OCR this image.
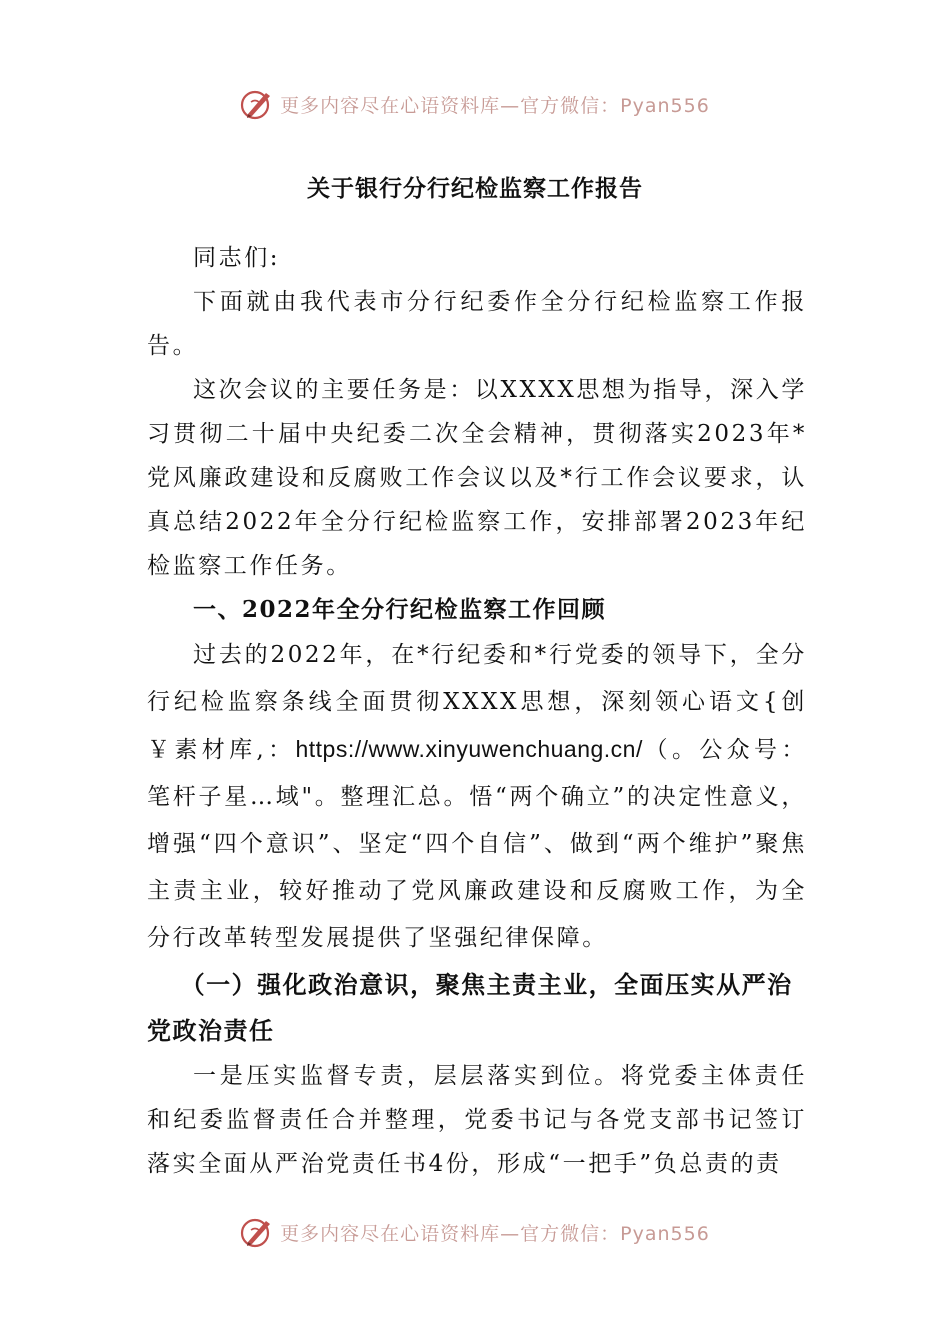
更多内容尽在心语资料库—官方微信：Pyan556
关于银行分行纪检监察工作报告

同志们:

下面就由我代表市分行纪委作全分行纪检监察工作报告。

这次会议的主要任务是：以XXXX思想为指导，深入学习贯彻二十届中央纪委二次全会精神，贯彻落实2023年*党风廉政建设和反腐败工作会议以及*行工作会议要求，认真总结2022年全分行纪检监察工作，安排部署2023年纪检监察工作任务。

一、2022年全分行纪检监察工作回顾

过去的2022年，在*行纪委和*行党委的领导下，全分行纪检监察条线全面贯彻XXXX思想，深刻领心语文{创￥素材库,：https://www.xinyuwenchuang.cn/（。公众号：笔杆子星…域"。整理汇总。悟“两个确立”的决定性意义，增强“四个意识”、坚定“四个自信”、做到“两个维护”聚焦主责主业，较好推动了党风廉政建设和反腐败工作，为全分行改革转型发展提供了坚强纪律保障。

（一）强化政治意识，聚焦主责主业，全面压实从严治党政治责任

一是压实监督专责，层层落实到位。将党委主体责任和纪委监督责任合并整理，党委书记与各党支部书记签订落实全面从严治党责任书4份，形成“一把手”负总责的责

更多内容尽在心语资料库—官方微信：Pyan556
